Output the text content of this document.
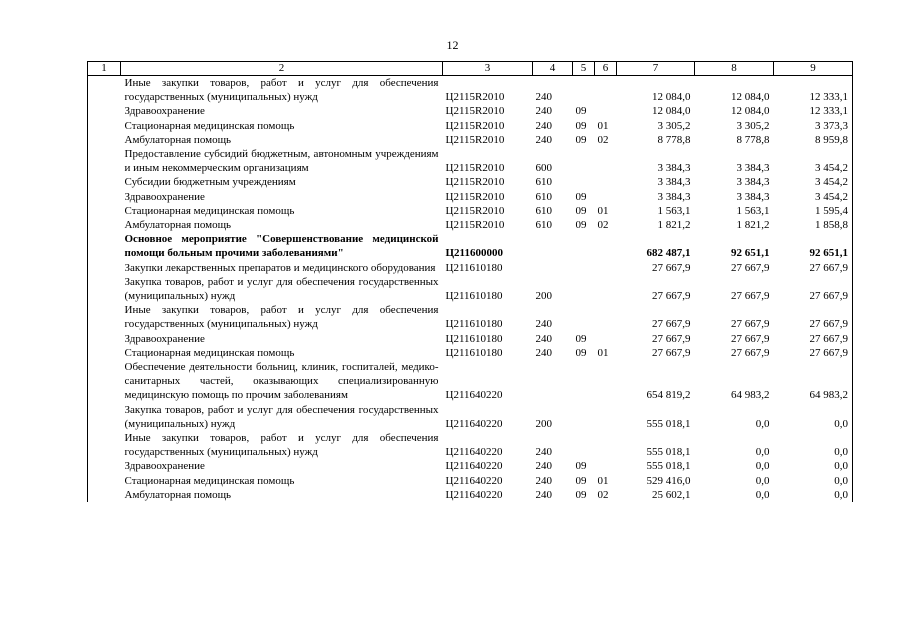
12
1	2	3	4	5	6	7	8	9
	Иные закупки товаров, работ и услуг для обеспечения государственных (муниципальных) нужд	Ц2115R2010	240			12 084,0	12 084,0	12 333,1
	Здравоохранение	Ц2115R2010	240	09		12 084,0	12 084,0	12 333,1
	Стационарная медицинская помощь	Ц2115R2010	240	09	01	3 305,2	3 305,2	3 373,3
	Амбулаторная помощь	Ц2115R2010	240	09	02	8 778,8	8 778,8	8 959,8
	Предоставление субсидий бюджетным, автономным учреждениям и иным некоммерческим организациям	Ц2115R2010	600			3 384,3	3 384,3	3 454,2
	Субсидии бюджетным учреждениям	Ц2115R2010	610			3 384,3	3 384,3	3 454,2
	Здравоохранение	Ц2115R2010	610	09		3 384,3	3 384,3	3 454,2
	Стационарная медицинская помощь	Ц2115R2010	610	09	01	1 563,1	1 563,1	1 595,4
	Амбулаторная помощь	Ц2115R2010	610	09	02	1 821,2	1 821,2	1 858,8
	Основное мероприятие "Совершенствование медицинской помощи больным прочими заболеваниями"	Ц211600000				682 487,1	92 651,1	92 651,1
	Закупки лекарственных препаратов и медицинского оборудования	Ц211610180				27 667,9	27 667,9	27 667,9
	Закупка товаров, работ и услуг для обеспечения государственных (муниципальных) нужд	Ц211610180	200			27 667,9	27 667,9	27 667,9
	Иные закупки товаров, работ и услуг для обеспечения государственных (муниципальных) нужд	Ц211610180	240			27 667,9	27 667,9	27 667,9
	Здравоохранение	Ц211610180	240	09		27 667,9	27 667,9	27 667,9
	Стационарная медицинская помощь	Ц211610180	240	09	01	27 667,9	27 667,9	27 667,9
	Обеспечение деятельности больниц, клиник, госпиталей, медико-санитарных частей, оказывающих специализированную медицинскую помощь по прочим заболеваниям	Ц211640220				654 819,2	64 983,2	64 983,2
	Закупка товаров, работ и услуг для обеспечения государственных (муниципальных) нужд	Ц211640220	200			555 018,1	0,0	0,0
	Иные закупки товаров, работ и услуг для обеспечения государственных (муниципальных) нужд	Ц211640220	240			555 018,1	0,0	0,0
	Здравоохранение	Ц211640220	240	09		555 018,1	0,0	0,0
	Стационарная медицинская помощь	Ц211640220	240	09	01	529 416,0	0,0	0,0
	Амбулаторная помощь	Ц211640220	240	09	02	25 602,1	0,0	0,0
